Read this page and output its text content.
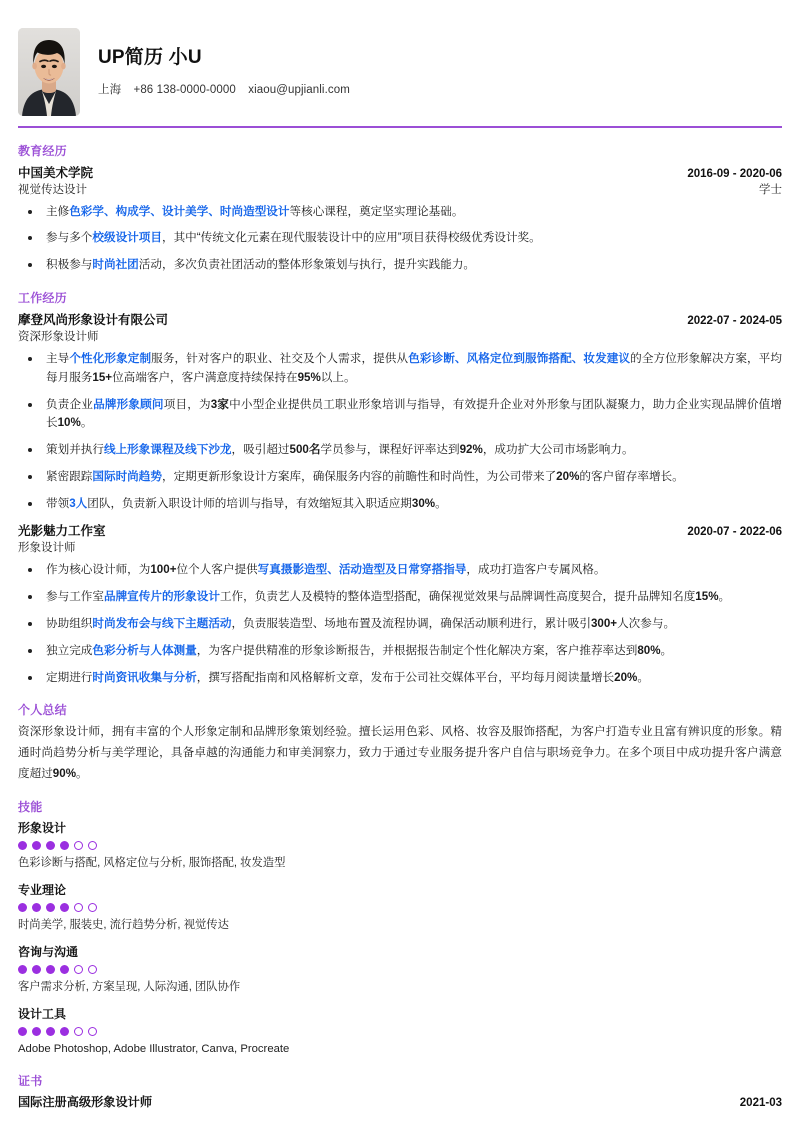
UP简历 小U
上海 +86 138-0000-0000 xiaou@upjianli.com
教育经历
中国美术学院	2016-09 - 2020-06
视觉传达设计	学士
主修色彩学、构成学、设计美学、时尚造型设计等核心课程，奠定坚实理论基础。
参与多个校级设计项目，其中“传统文化元素在现代服装设计中的应用”项目获得校级优秀设计奖。
积极参与时尚社团活动，多次负责社团活动的整体形象策划与执行，提升实践能力。
工作经历
摩登风尚形象设计有限公司	2022-07 - 2024-05
资深形象设计师
主导个性化形象定制服务，针对客户的职业、社交及个人需求，提供从色彩诊断、风格定位到服饰搭配、妆发建议的全方位形象解决方案，平均每月服务15+位高端客户，客户满意度持续保持在95%以上。
负责企业品牌形象顾问项目，为3家中小型企业提供员工职业形象培训与指导，有效提升企业对外形象与团队凝聚力，助力企业实现品牌价值增长10%。
策划并执行线上形象课程及线下沙龙，吸引超过500名学员参与，课程好评率达到92%，成功扩大公司市场影响力。
紧密跟踪国际时尚趋势，定期更新形象设计方案库，确保服务内容的前瞻性和时尚性，为公司带来了20%的客户留存率增长。
带领3人团队，负责新入职设计师的培训与指导，有效缩短其入职适应期30%。
光影魅力工作室	2020-07 - 2022-06
形象设计师
作为核心设计师，为100+位个人客户提供写真摄影造型、活动造型及日常穿搭指导，成功打造客户专属风格。
参与工作室品牌宣传片的形象设计工作，负责艺人及模特的整体造型搭配，确保视觉效果与品牌调性高度契合，提升品牌知名度15%。
协助组织时尚发布会与线下主题活动，负责服装造型、场地布置及流程协调，确保活动顺利进行，累计吸引300+人次参与。
独立完成色彩分析与人体测量，为客户提供精准的形象诊断报告，并根据报告制定个性化解决方案，客户推荐率达到80%。
定期进行时尚资讯收集与分析，撰写搭配指南和风格解析文章，发布于公司社交媒体平台，平均每月阅读量增长20%。
个人总结
资深形象设计师，拥有丰富的个人形象定制和品牌形象策划经验。擅长运用色彩、风格、妆容及服饰搭配，为客户打造专业且富有辨识度的形象。精通时尚趋势分析与美学理论，具备卓越的沟通能力和审美洞察力，致力于通过专业服务提升客户自信与职场竞争力。在多个项目中成功提升客户满意度超过90%。
技能
形象设计
色彩诊断与搭配, 风格定位与分析, 服饰搭配, 妆发造型
专业理论
时尚美学, 服装史, 流行趋势分析, 视觉传达
咨询与沟通
客户需求分析, 方案呈现, 人际沟通, 团队协作
设计工具
Adobe Photoshop, Adobe Illustrator, Canva, Procreate
证书
国际注册高级形象设计师	2021-03
